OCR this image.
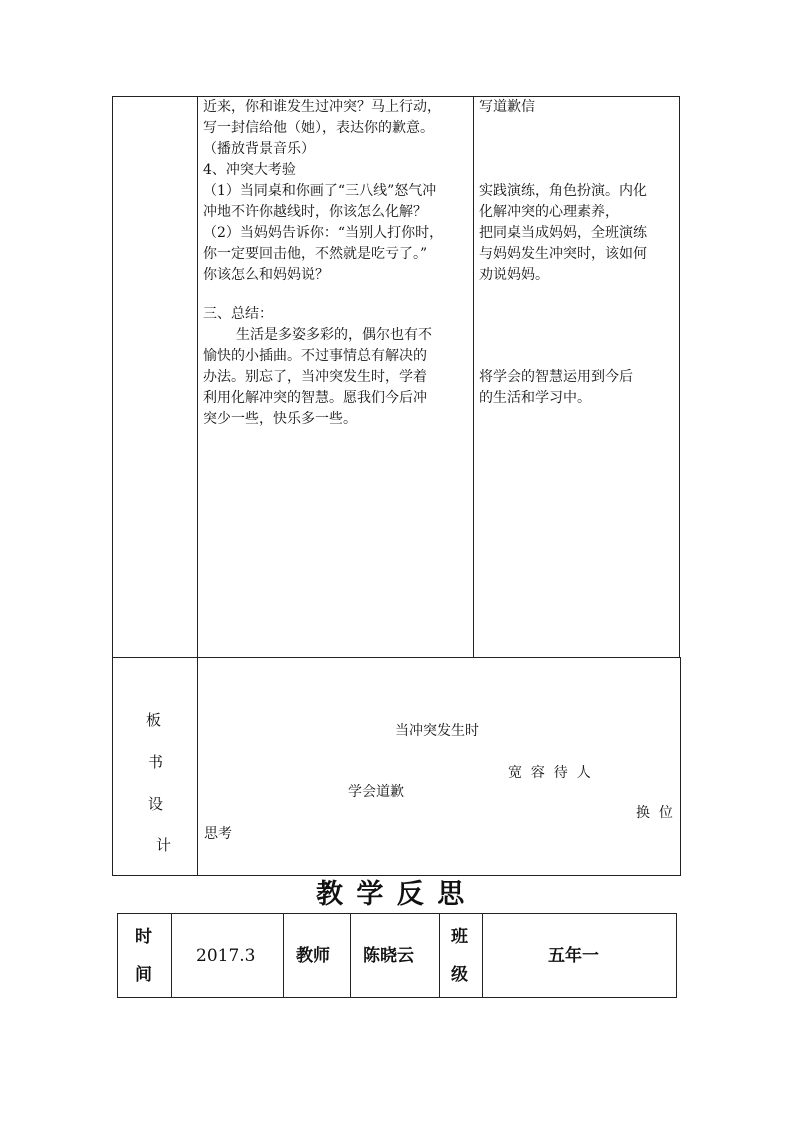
近来，你和谁发生过冲突？马上行动，
写一封信给他（她），表达你的歉意。
（播放背景音乐）
4、冲突大考验
（1）当同桌和你画了“三八线”怒气冲
冲地不许你越线时，你该怎么化解？
（2）当妈妈告诉你：“当别人打你时，
你一定要回击他，不然就是吃亏了。”
你该怎么和妈妈说？
三、总结：
生活是多姿多彩的，偶尔也有不
愉快的小插曲。不过事情总有解决的
办法。别忘了，当冲突发生时，学着
利用化解冲突的智慧。愿我们今后冲
突少一些，快乐多一些。
写道歉信
实践演练，角色扮演。内化
化解冲突的心理素养，
把同桌当成妈妈，全班演练
与妈妈发生冲突时，该如何
劝说妈妈。
将学会的智慧运用到今后
的生活和学习中。
板
书
设
计
当冲突发生时
宽  容  待  人
学会道歉
换  位
思考
教 学 反 思
时
间
2017.3 教师 陈晓云
班
级
五年一
